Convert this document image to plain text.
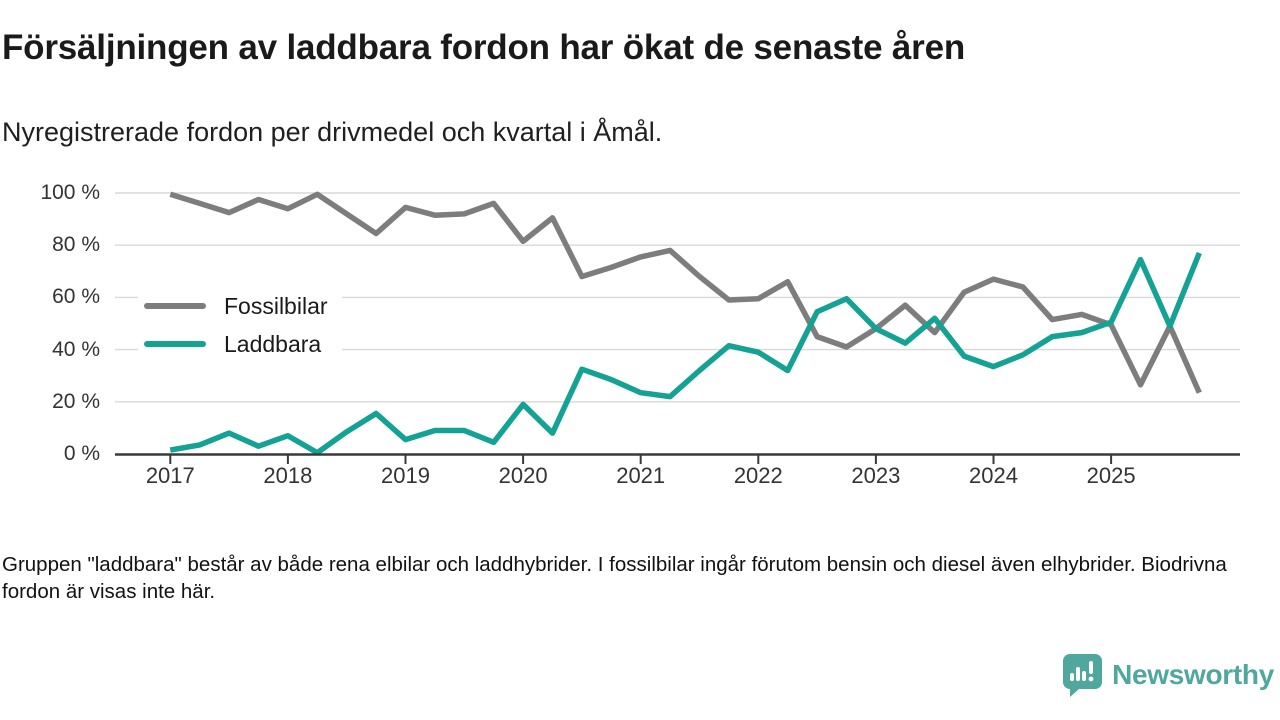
Försäljningen av laddbara fordon har ökat de senaste åren
Nyregistrerade fordon per drivmedel och kvartal i Åmål.
0 %
20 %
40 %
60 %
80 %
100 %
2017	2018	2019	2020	2021	2022	2023	2024	2025
Fossilbilar
Laddbara
Gruppen "laddbara" består av både rena elbilar och laddhybrider. I fossilbilar ingår förutom bensin och diesel även elhybrider. Biodrivna fordon är visas inte här.
Newsworthy
